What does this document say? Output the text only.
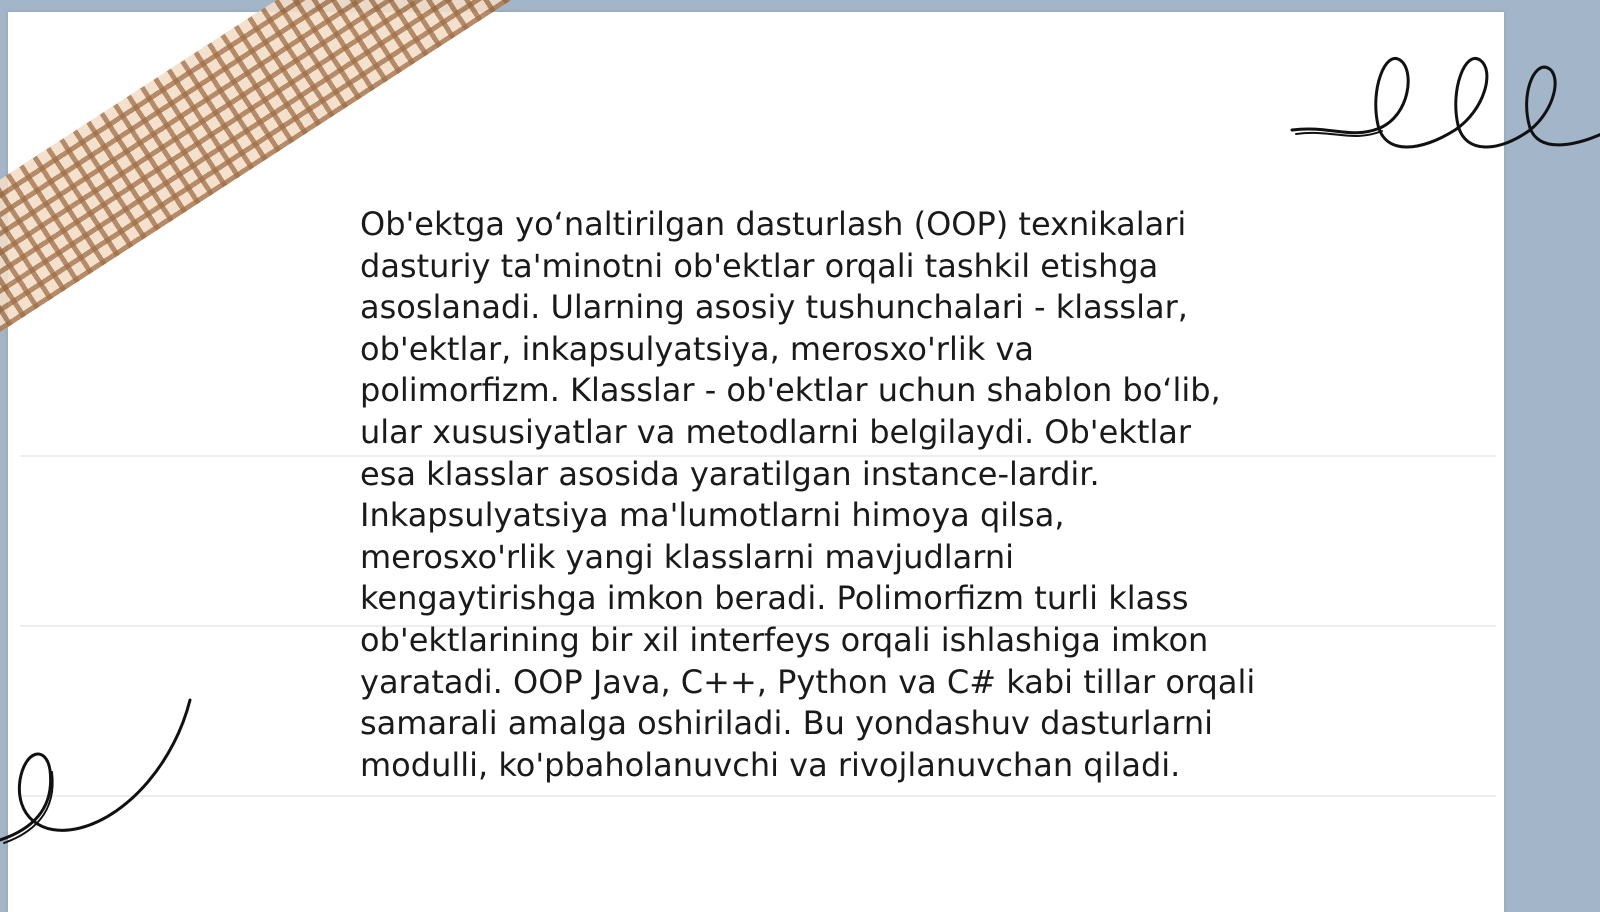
Ob'ektga yo‘naltirilgan dasturlash (OOP) texnikalari
dasturiy ta'minotni ob'ektlar orqali tashkil etishga
asoslanadi. Ularning asosiy tushunchalari - klasslar,
ob'ektlar, inkapsulyatsiya, merosxo'rlik va
polimorfizm. Klasslar - ob'ektlar uchun shablon bo‘lib,
ular xususiyatlar va metodlarni belgilaydi. Ob'ektlar
esa klasslar asosida yaratilgan instance-lardir.
Inkapsulyatsiya ma'lumotlarni himoya qilsa,
merosxo'rlik yangi klasslarni mavjudlarni
kengaytirishga imkon beradi. Polimorfizm turli klass
ob'ektlarining bir xil interfeys orqali ishlashiga imkon
yaratadi. OOP Java, C++, Python va C# kabi tillar orqali
samarali amalga oshiriladi. Bu yondashuv dasturlarni
modulli, ko'pbaholanuvchi va rivojlanuvchan qiladi.
